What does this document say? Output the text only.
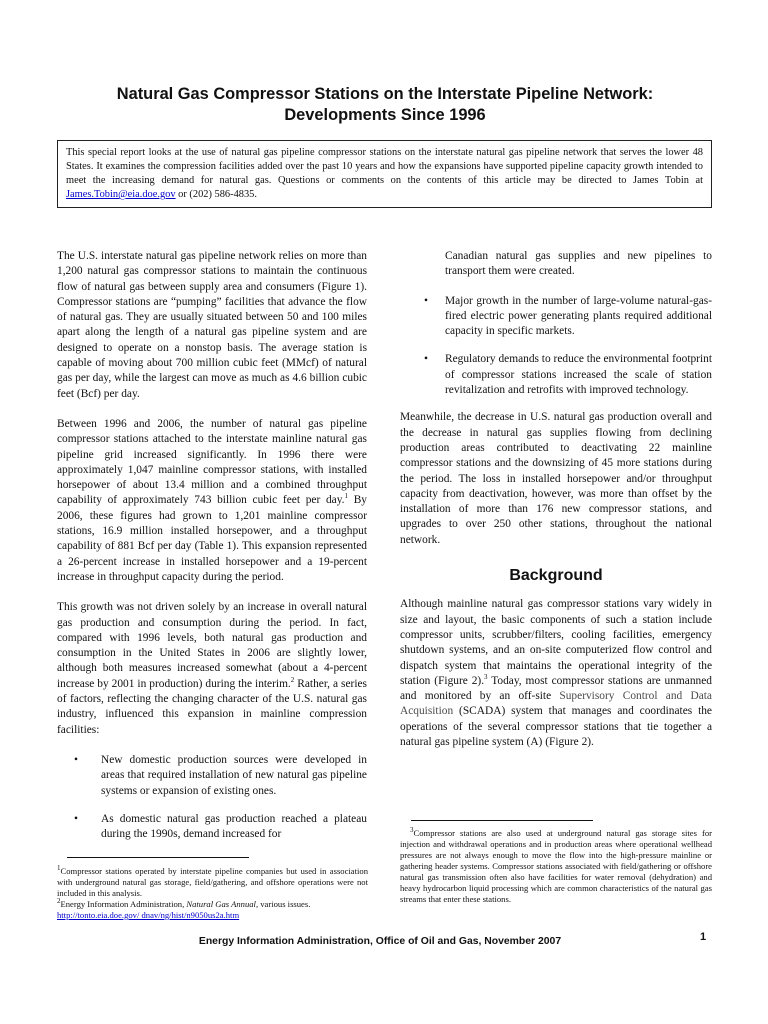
Natural Gas Compressor Stations on the Interstate Pipeline Network:
Developments Since 1996
This special report looks at the use of natural gas pipeline compressor stations on the interstate natural gas pipeline network that serves the lower 48 States. It examines the compression facilities added over the past 10 years and how the expansions have supported pipeline capacity growth intended to meet the increasing demand for natural gas. Questions or comments on the contents of this article may be directed to James Tobin at James.Tobin@eia.doe.gov or (202) 586-4835.

The U.S. interstate natural gas pipeline network relies on more than 1,200 natural gas compressor stations to maintain the continuous flow of natural gas between supply area and consumers (Figure 1). Compressor stations are “pumping” facilities that advance the flow of natural gas. They are usually situated between 50 and 100 miles apart along the length of a natural gas pipeline system and are designed to operate on a nonstop basis. The average station is capable of moving about 700 million cubic feet (MMcf) of natural gas per day, while the largest can move as much as 4.6 billion cubic feet (Bcf) per day.

Between 1996 and 2006, the number of natural gas pipeline compressor stations attached to the interstate mainline natural gas pipeline grid increased significantly. In 1996 there were approximately 1,047 mainline compressor stations, with installed horsepower of about 13.4 million and a combined throughput capability of approximately 743 billion cubic feet per day.$^1$ By 2006, these figures had grown to 1,201 mainline compressor stations, 16.9 million installed horsepower, and a throughput capability of 881 Bcf per day (Table 1). This expansion represented a 26-percent increase in installed horsepower and a 19-percent increase in throughput capacity during the period.

This growth was not driven solely by an increase in overall natural gas production and consumption during the period. In fact, compared with 1996 levels, both natural gas production and consumption in the United States in 2006 are slightly lower, although both measures increased somewhat (about a 4-percent increase by 2001 in production) during the interim.$^2$ Rather, a series of factors, reflecting the changing character of the U.S. natural gas industry, influenced this expansion in mainline compression facilities:

• New domestic production sources were developed in areas that required installation of new natural gas pipeline systems or expansion of existing ones.
• As domestic natural gas production reached a plateau during the 1990s, demand increased for
Canadian natural gas supplies and new pipelines to transport them were created.
• Major growth in the number of large-volume natural-gas-fired electric power generating plants required additional capacity in specific markets.
• Regulatory demands to reduce the environmental footprint of compressor stations increased the scale of station revitalization and retrofits with improved technology.

Meanwhile, the decrease in U.S. natural gas production overall and the decrease in natural gas supplies flowing from declining production areas contributed to deactivating 22 mainline compressor stations and the downsizing of 45 more stations during the period. The loss in installed horsepower and/or throughput capacity from deactivation, however, was more than offset by the installation of more than 176 new compressor stations, and upgrades to over 250 other stations, throughout the national network.

Background

Although mainline natural gas compressor stations vary widely in size and layout, the basic components of such a station include compressor units, scrubber/filters, cooling facilities, emergency shutdown systems, and an on-site computerized flow control and dispatch system that maintains the operational integrity of the station (Figure 2).$^3$ Today, most compressor stations are unmanned and monitored by an off-site Supervisory Control and Data Acquisition (SCADA) system that manages and coordinates the operations of the several compressor stations that tie together a natural gas pipeline system (A) (Figure 2).

$^1$Compressor stations operated by interstate pipeline companies but used in association with underground natural gas storage, field/gathering, and offshore operations were not included in this analysis.

$^2$Energy Information Administration, Natural Gas Annual, various issues.

http://tonto.eia.doe.gov/ dnav/ng/hist/n9050us2a.htm

$^3$Compressor stations are also used at underground natural gas storage sites for injection and withdrawal operations and in production areas where operational wellhead pressures are not always enough to move the flow into the high-pressure mainline or gathering header systems. Compressor stations associated with field/gathering or offshore natural gas transmission often also have facilities for water removal (dehydration) and heavy hydrocarbon liquid processing which are common characteristics of the natural gas streams that enter these stations.

Energy Information Administration, Office of Oil and Gas, November 2007	1
